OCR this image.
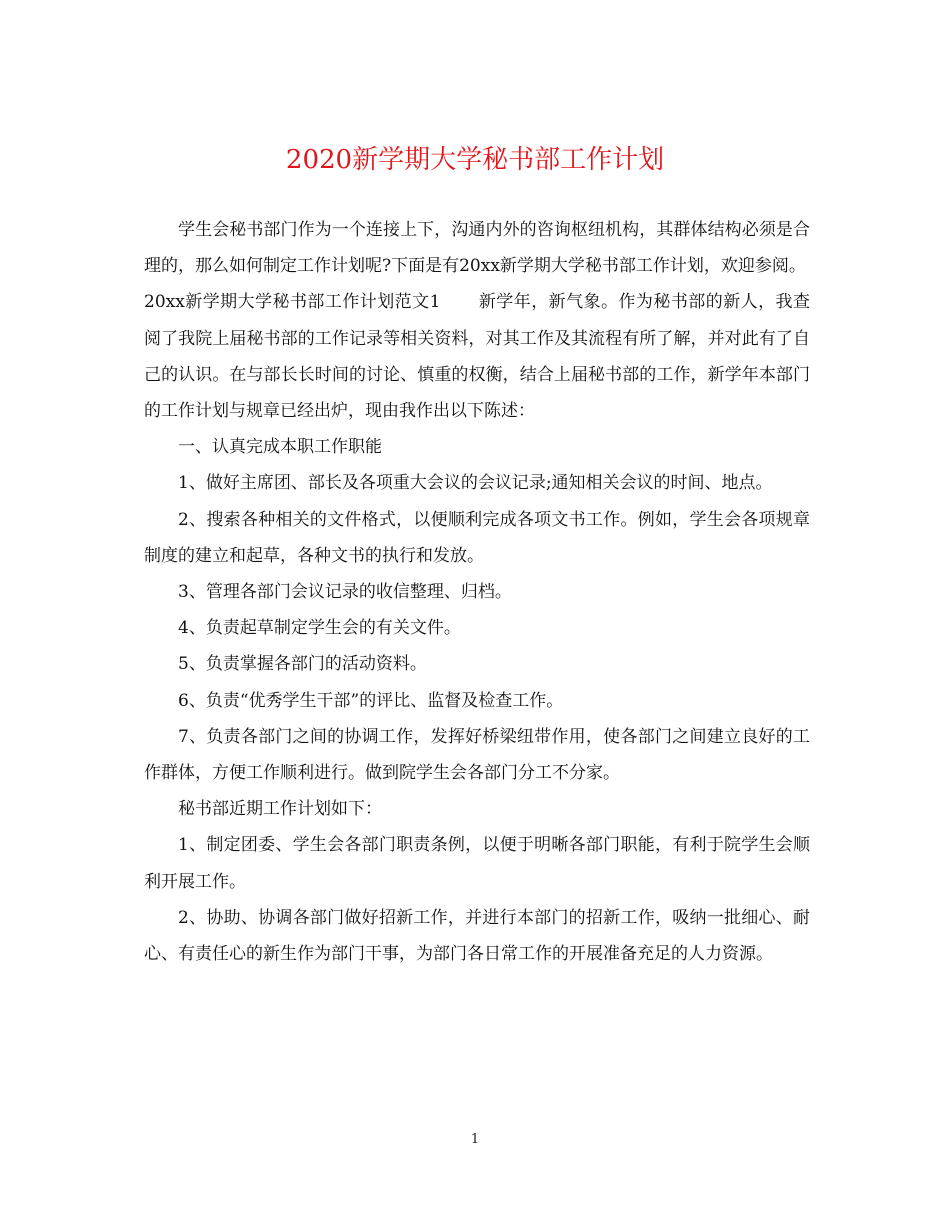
2020新学期大学秘书部工作计划

学生会秘书部门作为一个连接上下，沟通内外的咨询枢纽机构，其群体结构必须是合理的，那么如何制定工作计划呢?下面是有20xx新学期大学秘书部工作计划，欢迎参阅。

20xx新学期大学秘书部工作计划范文1 新学年，新气象。作为秘书部的新人，我查阅了我院上届秘书部的工作记录等相关资料，对其工作及其流程有所了解，并对此有了自己的认识。在与部长长时间的讨论、慎重的权衡，结合上届秘书部的工作，新学年本部门的工作计划与规章已经出炉，现由我作出以下陈述：

一、认真完成本职工作职能

1、做好主席团、部长及各项重大会议的会议记录;通知相关会议的时间、地点。

2、搜索各种相关的文件格式，以便顺利完成各项文书工作。例如，学生会各项规章制度的建立和起草，各种文书的执行和发放。

3、管理各部门会议记录的收信整理、归档。

4、负责起草制定学生会的有关文件。

5、负责掌握各部门的活动资料。

6、负责“优秀学生干部”的评比、监督及检查工作。

7、负责各部门之间的协调工作，发挥好桥梁纽带作用，使各部门之间建立良好的工作群体，方便工作顺利进行。做到院学生会各部门分工不分家。

秘书部近期工作计划如下：

1、制定团委、学生会各部门职责条例，以便于明晰各部门职能，有利于院学生会顺利开展工作。

2、协助、协调各部门做好招新工作，并进行本部门的招新工作，吸纳一批细心、耐心、有责任心的新生作为部门干事，为部门各日常工作的开展准备充足的人力资源。

1
